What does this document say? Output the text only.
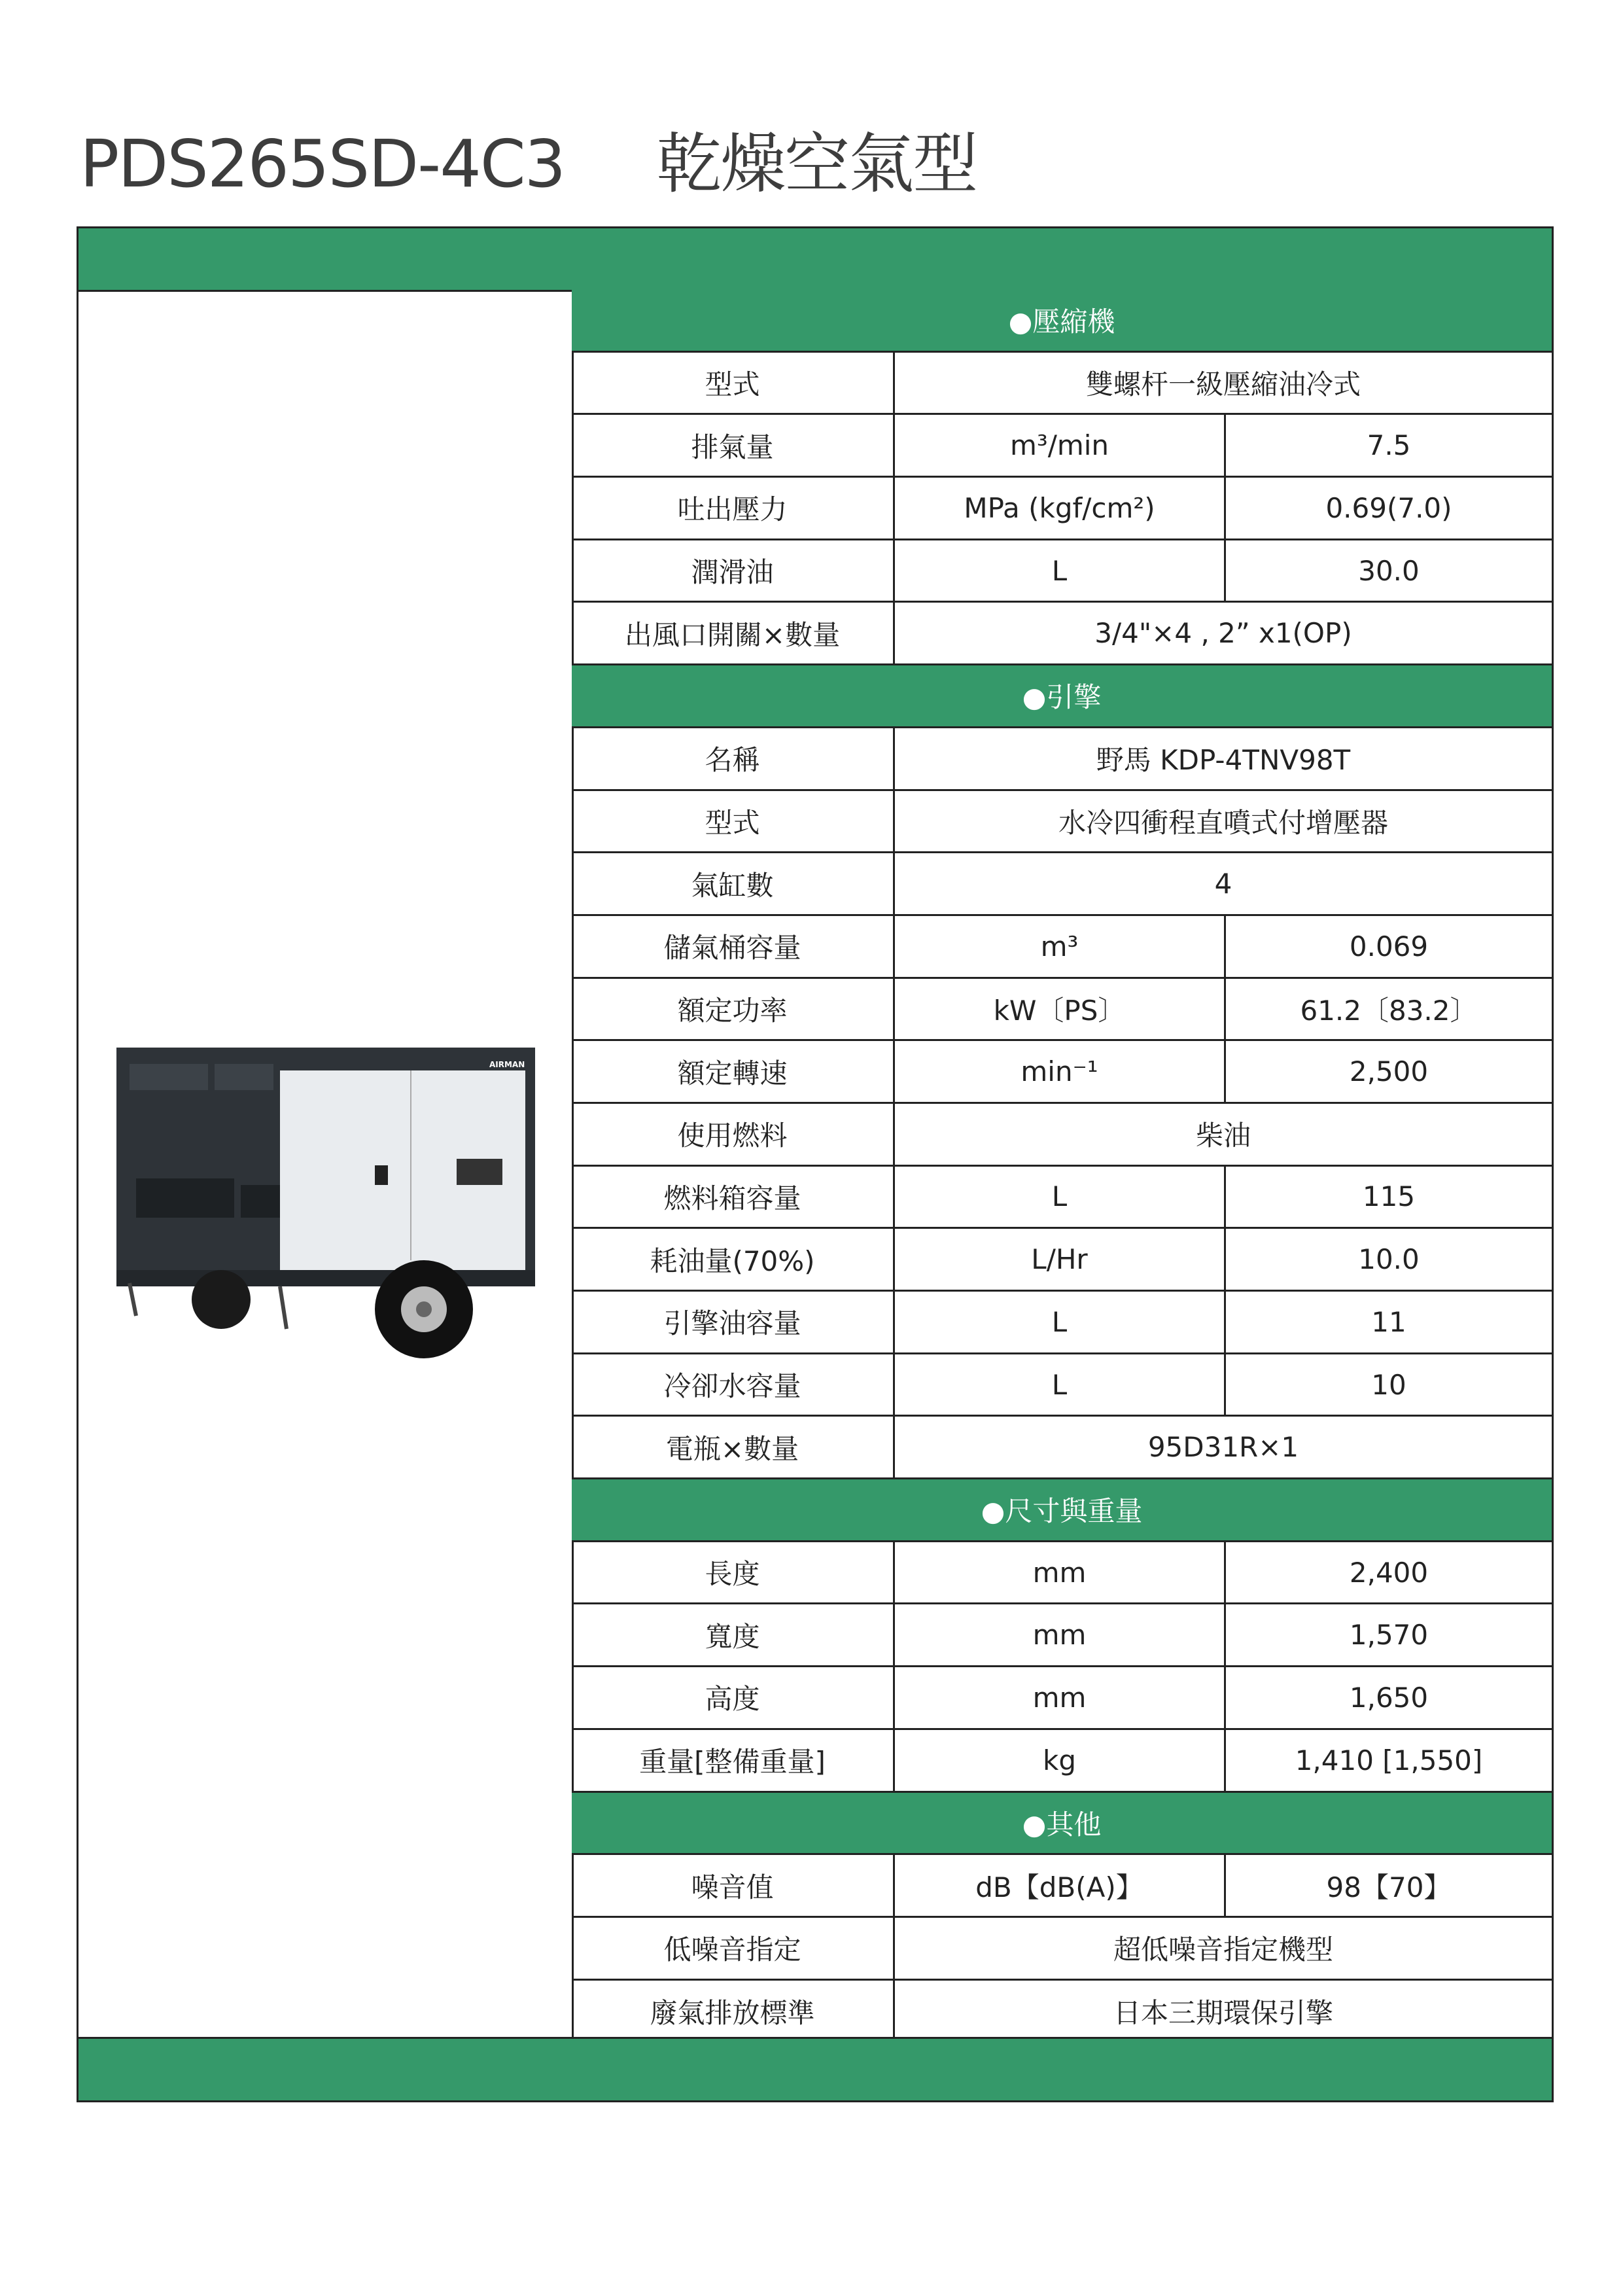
PDS265SD-4C3 乾燥空氣型
AIRMAN
●壓縮機
型式	雙螺杆一級壓縮油冷式
排氣量	m³/min	7.5
吐出壓力	MPa (kgf/cm²)	0.69(7.0)
潤滑油	L	30.0
出風口開關×數量	3/4"×4 , 2” x1(OP)
●引擎
名稱	野馬 KDP-4TNV98T
型式	水冷四衝程直噴式付增壓器
氣缸數	4
儲氣桶容量	m³	0.069
額定功率	kW〔PS〕	61.2〔83.2〕
額定轉速	min⁻¹	2,500
使用燃料	柴油
燃料箱容量	L	115
耗油量(70%)	L/Hr	10.0
引擎油容量	L	11
冷卻水容量	L	10
電瓶×數量	95D31R×1
●尺寸與重量
長度	mm	2,400
寬度	mm	1,570
高度	mm	1,650
重量[整備重量]	kg	1,410 [1,550]
●其他
噪音值	dB【dB(A)】	98【70】
低噪音指定	超低噪音指定機型
廢氣排放標準	日本三期環保引擎
